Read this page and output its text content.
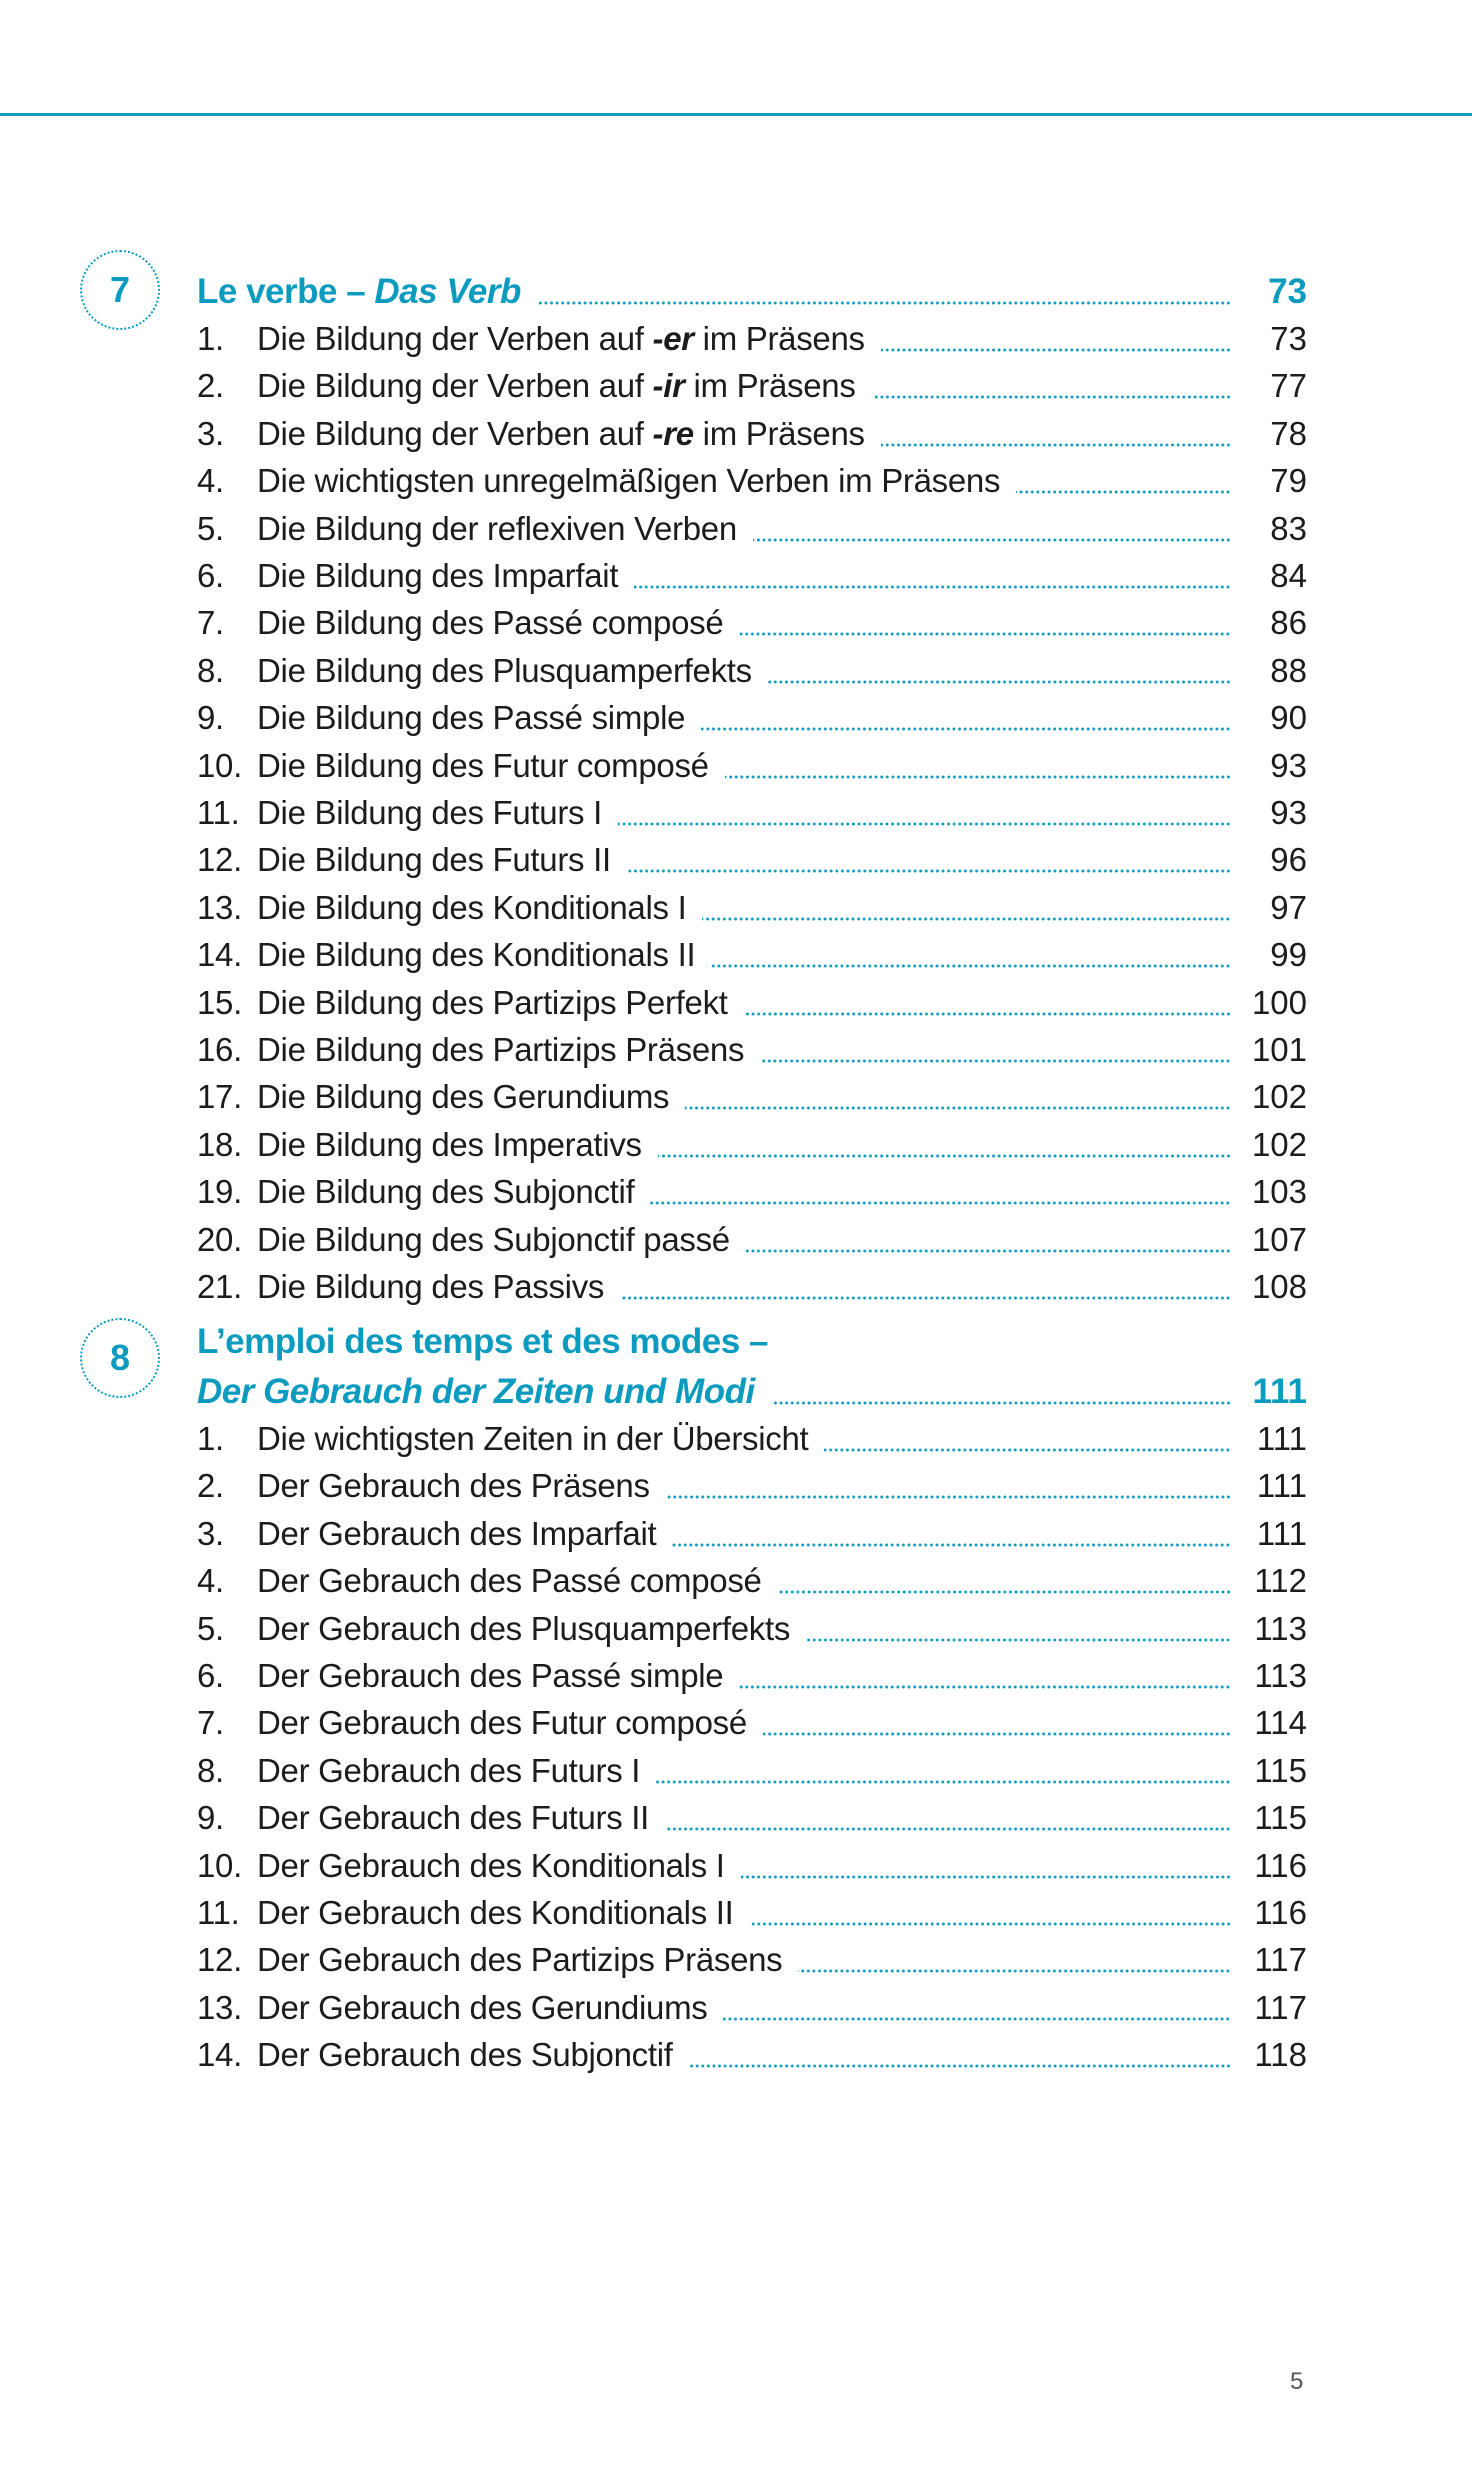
7 Le verbe – Das Verb	73
1.	Die Bildung der Verben auf -er im Präsens	73
2.	Die Bildung der Verben auf -ir im Präsens	77
3.	Die Bildung der Verben auf -re im Präsens	78
4.	Die wichtigsten unregelmäßigen Verben im Präsens	79
5.	Die Bildung der reflexiven Verben	83
6.	Die Bildung des Imparfait	84
7.	Die Bildung des Passé composé	86
8.	Die Bildung des Plusquamperfekts	88
9.	Die Bildung des Passé simple	90
10. Die Bildung des Futur composé	93
11. Die Bildung des Futurs I	93
12. Die Bildung des Futurs II	96
13. Die Bildung des Konditionals I	97
14. Die Bildung des Konditionals II	99
15. Die Bildung des Partizips Perfekt	100
16. Die Bildung des Partizips Präsens	101
17. Die Bildung des Gerundiums	102
18. Die Bildung des Imperativs	102
19. Die Bildung des Subjonctif	103
20. Die Bildung des Subjonctif passé	107
21. Die Bildung des Passivs	108
8 L’emploi des temps et des modes –
Der Gebrauch der Zeiten und Modi	111
1.	Die wichtigsten Zeiten in der Übersicht	111
2.	Der Gebrauch des Präsens	111
3.	Der Gebrauch des Imparfait	111
4.	Der Gebrauch des Passé composé	112
5.	Der Gebrauch des Plusquamperfekts	113
6.	Der Gebrauch des Passé simple	113
7.	Der Gebrauch des Futur composé	114
8.	Der Gebrauch des Futurs I	115
9.	Der Gebrauch des Futurs II	115
10. Der Gebrauch des Konditionals I	116
11. Der Gebrauch des Konditionals II	116
12. Der Gebrauch des Partizips Präsens	117
13. Der Gebrauch des Gerundiums	117
14. Der Gebrauch des Subjonctif	118
5
